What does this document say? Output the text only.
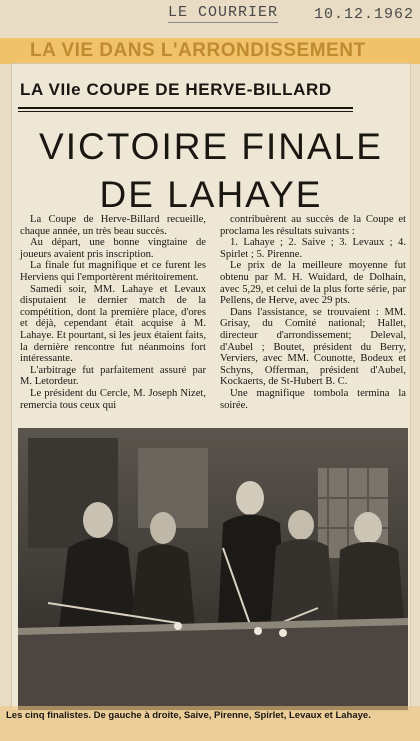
LE COURRIER 10.12.1962
LA VIE DANS L'ARRONDISSEMENT
LA VIIe COUPE DE HERVE-BILLARD
VICTOIRE FINALE
DE LAHAYE

La Coupe de Herve-Billard recueille, chaque année, un très beau succès.

Au départ, une bonne vingtaine de joueurs avaient pris inscription.

La finale fut magnifique et ce furent les Herviens qui l'emportèrent méritoirement.

Samedi soir, MM. Lahaye et Levaux disputaient le dernier match de la compétition, dont la première place, d'ores et déjà, cependant était acquise à M. Lahaye. Et pourtant, si les jeux étaient faits, la dernière rencontre fut néanmoins fort intéressante.

L'arbitrage fut parfaitement assuré par M. Letordeur.

Le président du Cercle, M. Joseph Nizet, remercia tous ceux qui

contribuèrent au succès de la Coupe et proclama les résultats suivants :

1. Lahaye ; 2. Saive ; 3. Levaux ; 4. Spirlet ; 5. Pirenne.

Le prix de la meilleure moyenne fut obtenu par M. H. Wuidard, de Dolhain, avec 5,29, et celui de la plus forte série, par Pellens, de Herve, avec 29 pts.

Dans l'assistance, se trouvaient : MM. Grisay, du Comité national; Hallet, directeur d'arrondissement; Deleval, d'Aubel ; Boutet, président du Berry, Verviers, avec MM. Counotte, Bodeux et Schyns, Offerman, président d'Aubel, Kockaerts, de St-Hubert B. C.

Une magnifique tombola termina la soirée.

Les cinq finalistes. De gauche à droite, Saive, Pirenne, Spirlet, Levaux et Lahaye.
